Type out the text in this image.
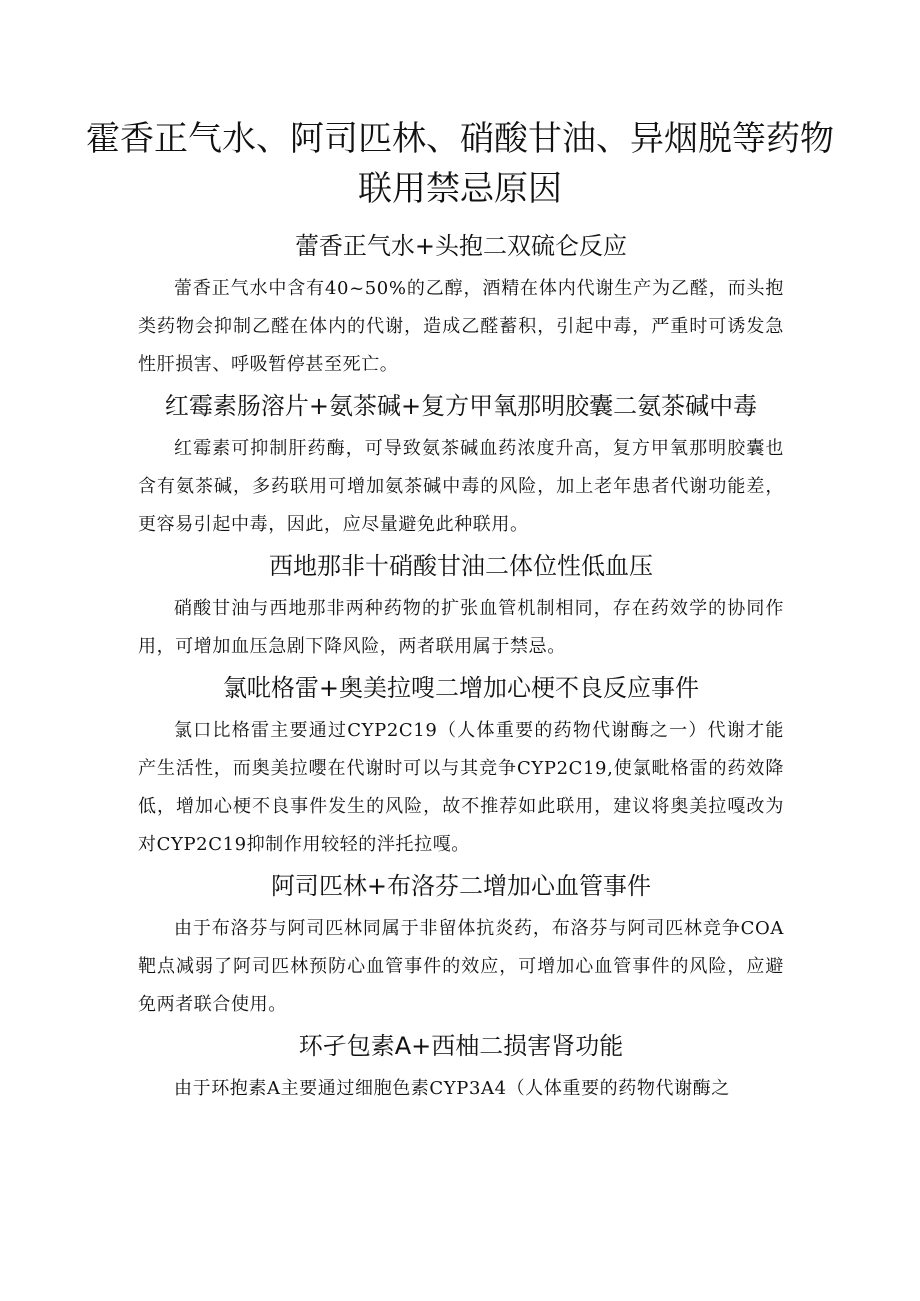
霍香正气水、阿司匹林、硝酸甘油、异烟脱等药物联用禁忌原因
蕾香正气水+头抱二双硫仑反应

蕾香正气水中含有40~50%的乙醇，酒精在体内代谢生产为乙醛，而头抱类药物会抑制乙醛在体内的代谢，造成乙醛蓄积，引起中毒，严重时可诱发急性肝损害、呼吸暂停甚至死亡。

红霉素肠溶片+氨茶碱+复方甲氧那明胶囊二氨茶碱中毒

红霉素可抑制肝药酶，可导致氨茶碱血药浓度升高，复方甲氧那明胶囊也含有氨茶碱，多药联用可增加氨茶碱中毒的风险，加上老年患者代谢功能差，更容易引起中毒，因此，应尽量避免此种联用。

西地那非十硝酸甘油二体位性低血压

硝酸甘油与西地那非两种药物的扩张血管机制相同，存在药效学的协同作用，可增加血压急剧下降风险，两者联用属于禁忌。

氯吡格雷+奥美拉嗖二增加心梗不良反应事件

氯口比格雷主要通过CYP2C19（人体重要的药物代谢酶之一）代谢才能产生活性，而奥美拉嚶在代谢时可以与其竞争CYP2C19,使氯毗格雷的药效降低，增加心梗不良事件发生的风险，故不推荐如此联用，建议将奥美拉嘎改为对CYP2C19抑制作用较轻的泮托拉嘎。

阿司匹林+布洛芬二增加心血管事件

由于布洛芬与阿司匹林同属于非留体抗炎药，布洛芬与阿司匹林竞争COA靶点减弱了阿司匹林预防心血管事件的效应，可增加心血管事件的风险，应避免两者联合使用。

环孑包素A+西柚二损害肾功能

由于环抱素A主要通过细胞色素CYP3A4（人体重要的药物代谢酶之
